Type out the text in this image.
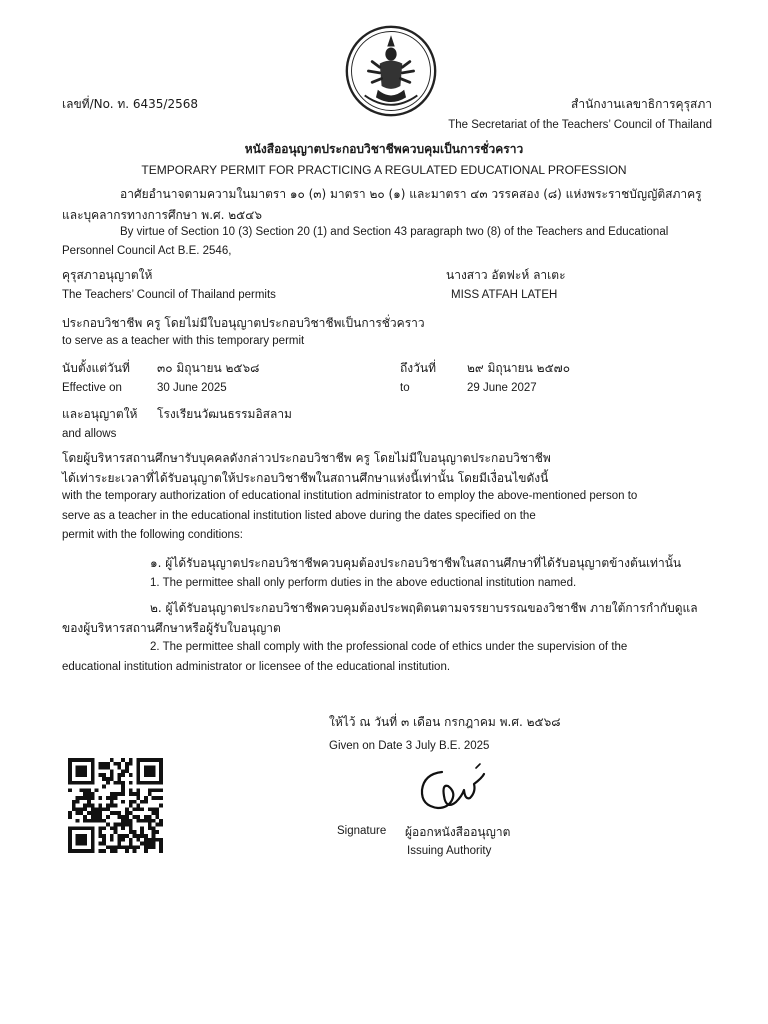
เลขที่/No. ท. 6435/2568	สำนักงานเลขาธิการคุรุสภา
The Secretariat of the Teachers’ Council of Thailand
หนังสืออนุญาตประกอบวิชาชีพควบคุมเป็นการชั่วคราว
TEMPORARY PERMIT FOR PRACTICING A REGULATED EDUCATIONAL PROFESSION
อาศัยอำนาจตามความในมาตรา ๑๐ (๓) มาตรา ๒๐ (๑) และมาตรา ๔๓ วรรคสอง (๘) แห่งพระราชบัญญัติสภาครู
และบุคลากรทางการศึกษา พ.ศ. ๒๕๔๖
By virtue of Section 10 (3) Section 20 (1) and Section 43 paragraph two (8) of the Teachers and Educational
Personnel Council Act B.E. 2546,
คุรุสภาอนุญาตให้	นางสาว อัตฟะห์ ลาเตะ
The Teachers’ Council of Thailand permits	MISS ATFAH LATEH
ประกอบวิชาชีพ ครู โดยไม่มีใบอนุญาตประกอบวิชาชีพเป็นการชั่วคราว
to serve as a teacher with this temporary permit
นับตั้งแต่วันที่ ๓๐ มิถุนายน ๒๕๖๘	ถึงวันที่	๒๙ มิถุนายน ๒๕๗๐
Effective on	30 June 2025	to	29 June 2027
และอนุญาตให้ โรงเรียนวัฒนธรรมอิสลาม
and allows
โดยผู้บริหารสถานศึกษารับบุคคลดังกล่าวประกอบวิชาชีพ ครู โดยไม่มีใบอนุญาตประกอบวิชาชีพ
ได้เท่าระยะเวลาที่ได้รับอนุญาตให้ประกอบวิชาชีพในสถานศึกษาแห่งนี้เท่านั้น โดยมีเงื่อนไขดังนี้
with the temporary authorization of educational institution administrator to employ the above-mentioned person to
serve as a teacher in the educational institution listed above during the dates specified on the
permit with the following conditions:
๑. ผู้ได้รับอนุญาตประกอบวิชาชีพควบคุมต้องประกอบวิชาชีพในสถานศึกษาที่ได้รับอนุญาตข้างต้นเท่านั้น
1. The permittee shall only perform duties in the above eductional institution named.
๒. ผู้ได้รับอนุญาตประกอบวิชาชีพควบคุมต้องประพฤติตนตามจรรยาบรรณของวิชาชีพ ภายใต้การกำกับดูแล
ของผู้บริหารสถานศึกษาหรือผู้รับใบอนุญาต
2. The permittee shall comply with the professional code of ethics under the supervision of the
educational institution administrator or licensee of the educational institution.
ให้ไว้ ณ วันที่ ๓ เดือน กรกฎาคม พ.ศ. ๒๕๖๘
Given on Date 3 July B.E. 2025
Signature ผู้ออกหนังสืออนุญาต
Issuing Authority
